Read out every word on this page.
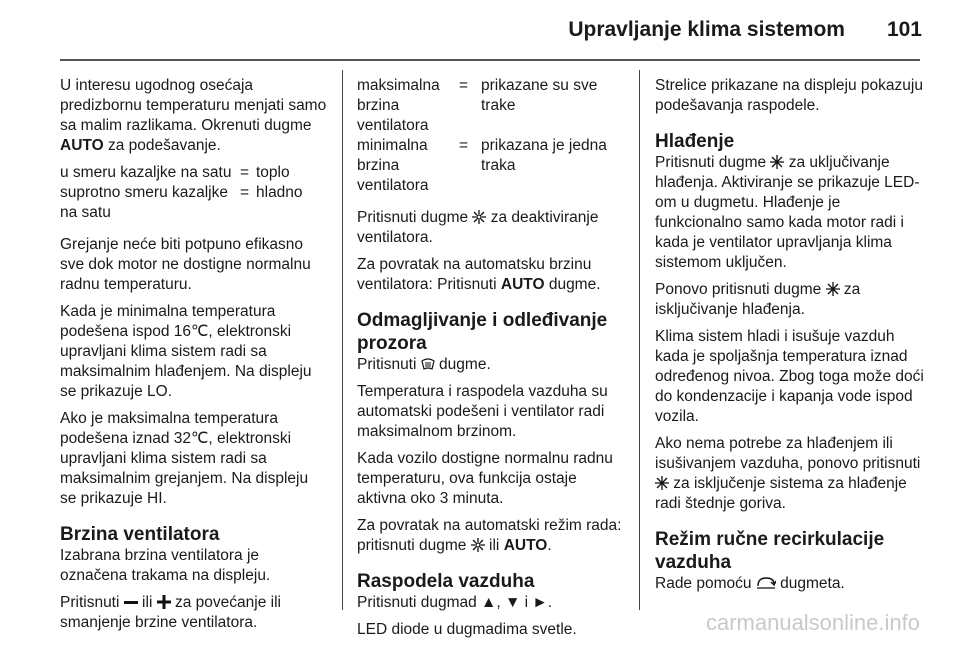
Upravljanje klima sistemom 101

U interesu ugodnog osećaja predizbornu temperaturu menjati samo sa malim razlikama. Okrenuti dugme AUTO za podešavanje.

u smeru kazaljke na satu = toplo
suprotno smeru kazaljke na satu
= hladno

Grejanje neće biti potpuno efikasno sve dok motor ne dostigne normalnu radnu temperaturu.

Kada je minimalna temperatura podešena ispod 16℃, elektronski upravljani klima sistem radi sa maksimalnim hlađenjem. Na displeju se prikazuje LO.

Ako je maksimalna temperatura podešena iznad 32℃, elektronski upravljani klima sistem radi sa maksimalnim grejanjem. Na displeju se prikazuje HI.

Brzina ventilatora

Izabrana brzina ventilatora je označena trakama na displeju.

Pritisnuti  ili  za povećanje ili smanjenje brzine ventilatora.

maksimalna brzina ventilatora
= prikazane su sve trake
minimalna brzina ventilatora
= prikazana je jedna traka

Pritisnuti dugme  za deaktiviranje ventilatora.

Za povratak na automatsku brzinu ventilatora: Pritisnuti AUTO dugme.

Odmagljivanje i odleđivanje prozora

Pritisnuti  dugme.

Temperatura i raspodela vazduha su automatski podešeni i ventilator radi maksimalnom brzinom.

Kada vozilo dostigne normalnu radnu temperaturu, ova funkcija ostaje aktivna oko 3 minuta.

Za povratak na automatski režim rada: pritisnuti dugme  ili AUTO.

Raspodela vazduha

Pritisnuti dugmad ▲, ▼ i ►.

LED diode u dugmadima svetle.

Strelice prikazane na displeju pokazuju podešavanja raspodele.

Hlađenje

Pritisnuti dugme  za uključivanje hlađenja. Aktiviranje se prikazuje LED-om u dugmetu. Hlađenje je funkcionalno samo kada motor radi i kada je ventilator upravljanja klima sistemom uključen.

Ponovo pritisnuti dugme  za isključivanje hlađenja.

Klima sistem hladi i isušuje vazduh kada je spoljašnja temperatura iznad određenog nivoa. Zbog toga može doći do kondenzacije i kapanja vode ispod vozila.

Ako nema potrebe za hlađenjem ili isušivanjem vazduha, ponovo pritisnuti  za isključenje sistema za hlađenje radi štednje goriva.

Režim ručne recirkulacije vazduha

Rade pomoću  dugmeta.

carmanualsonline.info
